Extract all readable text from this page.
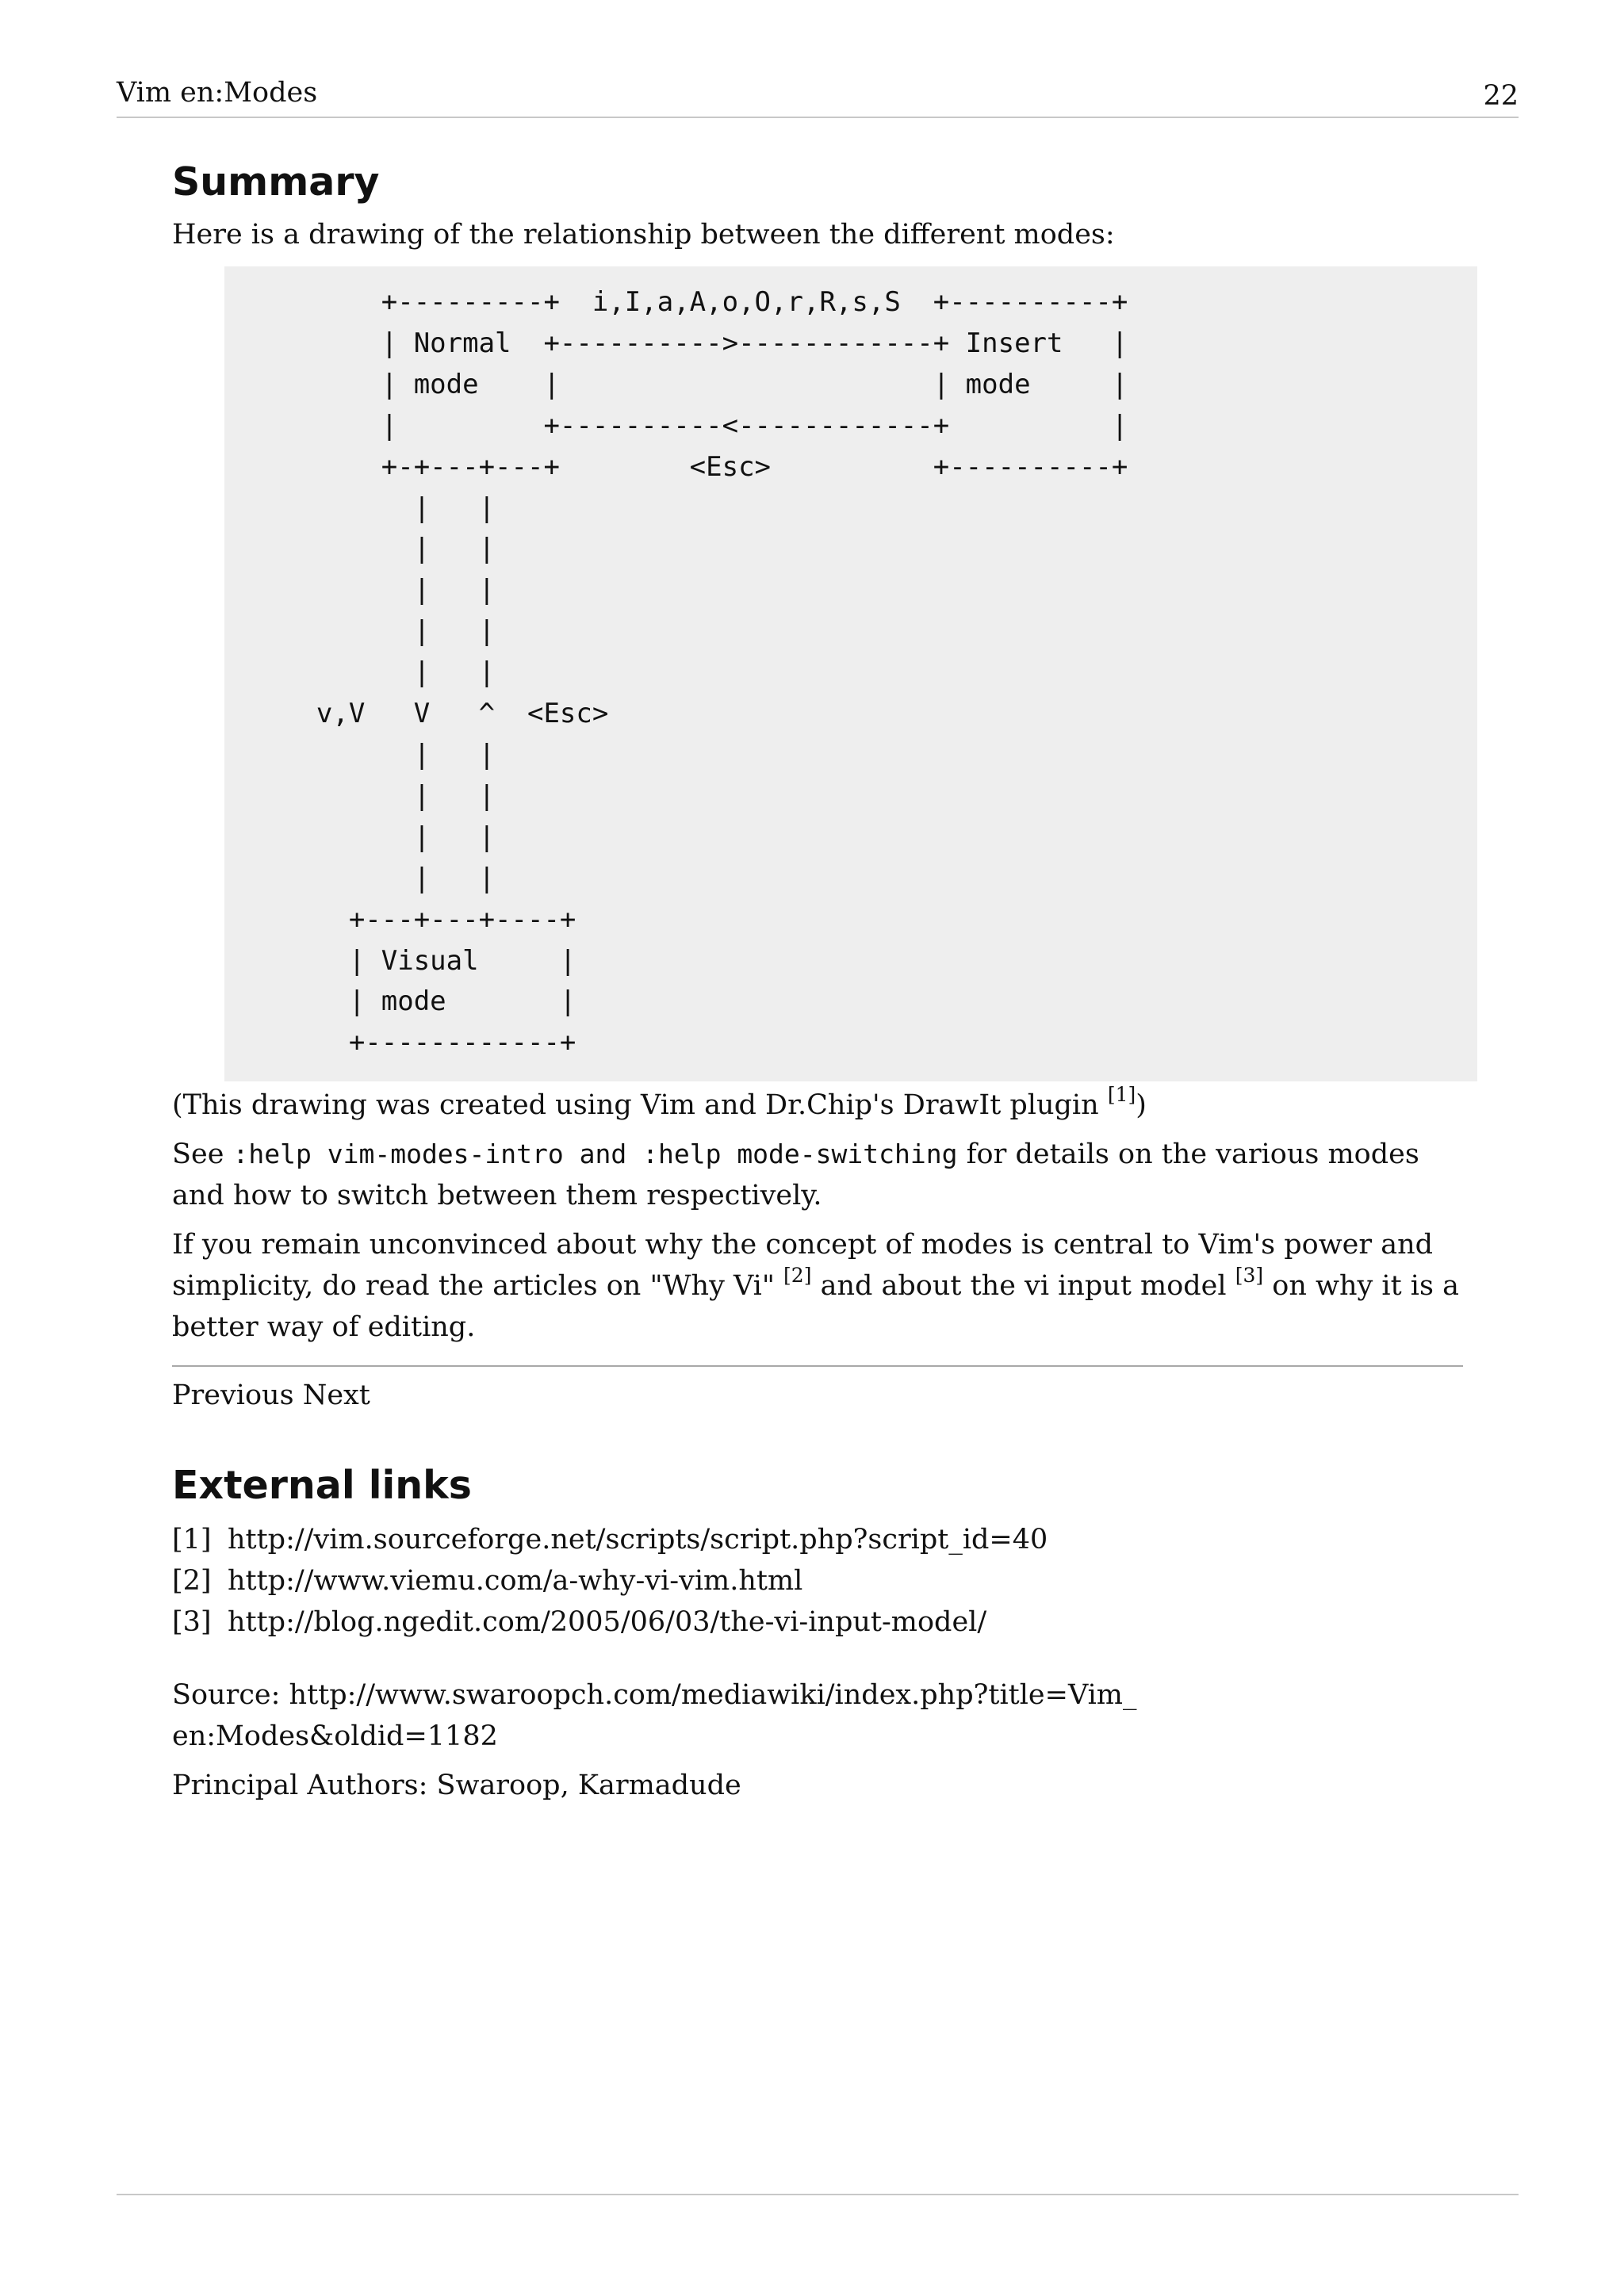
Vim en:Modes	22
Summary

Here is a drawing of the relationship between the different modes:

+---------+  i,I,a,A,o,O,r,R,s,S  +----------+
| Normal  +---------->------------+ Insert   |
| mode    |                       | mode     |
|         +----------<------------+          |
+-+---+---+        <Esc>          +----------+
|   |
|   |
|   |
|   |
|   |
v,V   V   ^  <Esc>
|   |
|   |
|   |
|   |
+---+---+----+
| Visual     |
| mode       |
+------------+

(This drawing was created using Vim and Dr.Chip's DrawIt plugin [1])

See :help vim-modes-intro and :help mode-switching for details on the various modes and how to switch between them respectively.

If you remain unconvinced about why the concept of modes is central to Vim's power and simplicity, do read the articles on "Why Vi" [2] and about the vi input model [3] on why it is a better way of editing.

Previous Next

External links
[1] http://vim.sourceforge.net/scripts/script.php?script_id=40
[2] http://www.viemu.com/a-why-vi-vim.html
[3] http://blog.ngedit.com/2005/06/03/the-vi-input-model/

Source: http://www.swaroopch.com/mediawiki/index.php?title=Vim_

en:Modes&oldid=1182

Principal Authors: Swaroop, Karmadude
